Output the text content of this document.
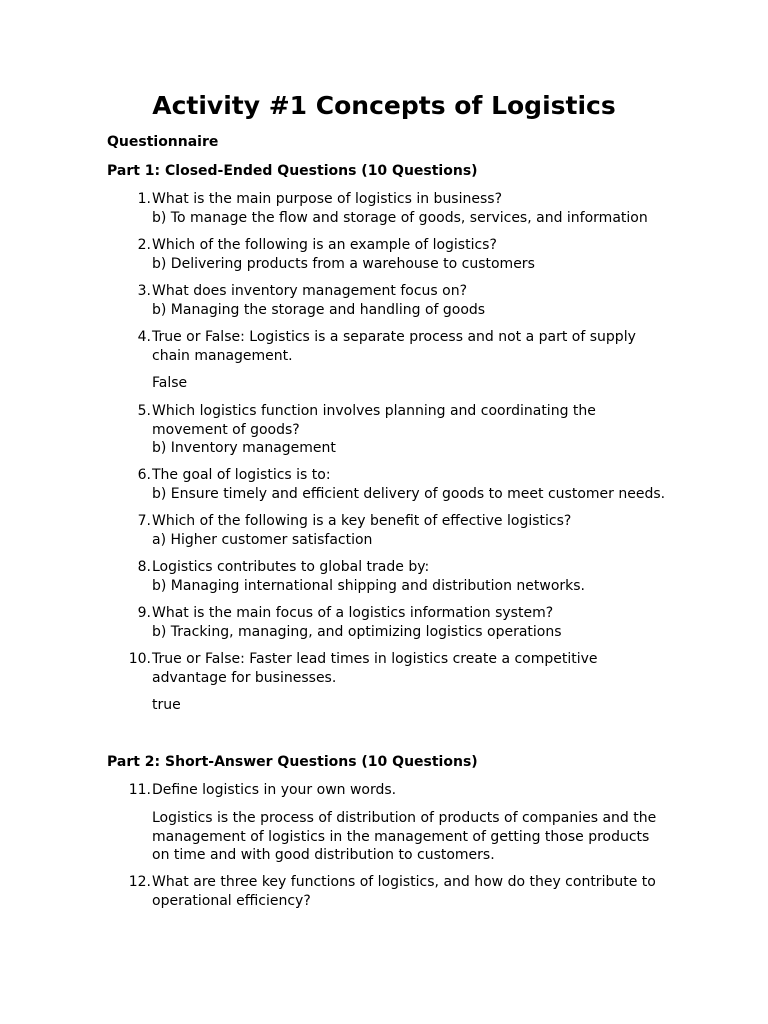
Activity #1 Concepts of Logistics
Questionnaire
Part 1: Closed-Ended Questions (10 Questions)
1. What is the main purpose of logistics in business?
b) To manage the flow and storage of goods, services, and information
2. Which of the following is an example of logistics?
b) Delivering products from a warehouse to customers
3. What does inventory management focus on?
b) Managing the storage and handling of goods
4. True or False: Logistics is a separate process and not a part of supply
chain management.
False
5. Which logistics function involves planning and coordinating the
movement of goods?
b) Inventory management
6. The goal of logistics is to:
b) Ensure timely and efficient delivery of goods to meet customer needs.
7. Which of the following is a key benefit of effective logistics?
a) Higher customer satisfaction
8. Logistics contributes to global trade by:
b) Managing international shipping and distribution networks.
9. What is the main focus of a logistics information system?
b) Tracking, managing, and optimizing logistics operations
10. True or False: Faster lead times in logistics create a competitive
advantage for businesses.
true
Part 2: Short-Answer Questions (10 Questions)
11. Define logistics in your own words.
Logistics is the process of distribution of products of companies and the
management of logistics in the management of getting those products
on time and with good distribution to customers.
12. What are three key functions of logistics, and how do they contribute to
operational efficiency?
